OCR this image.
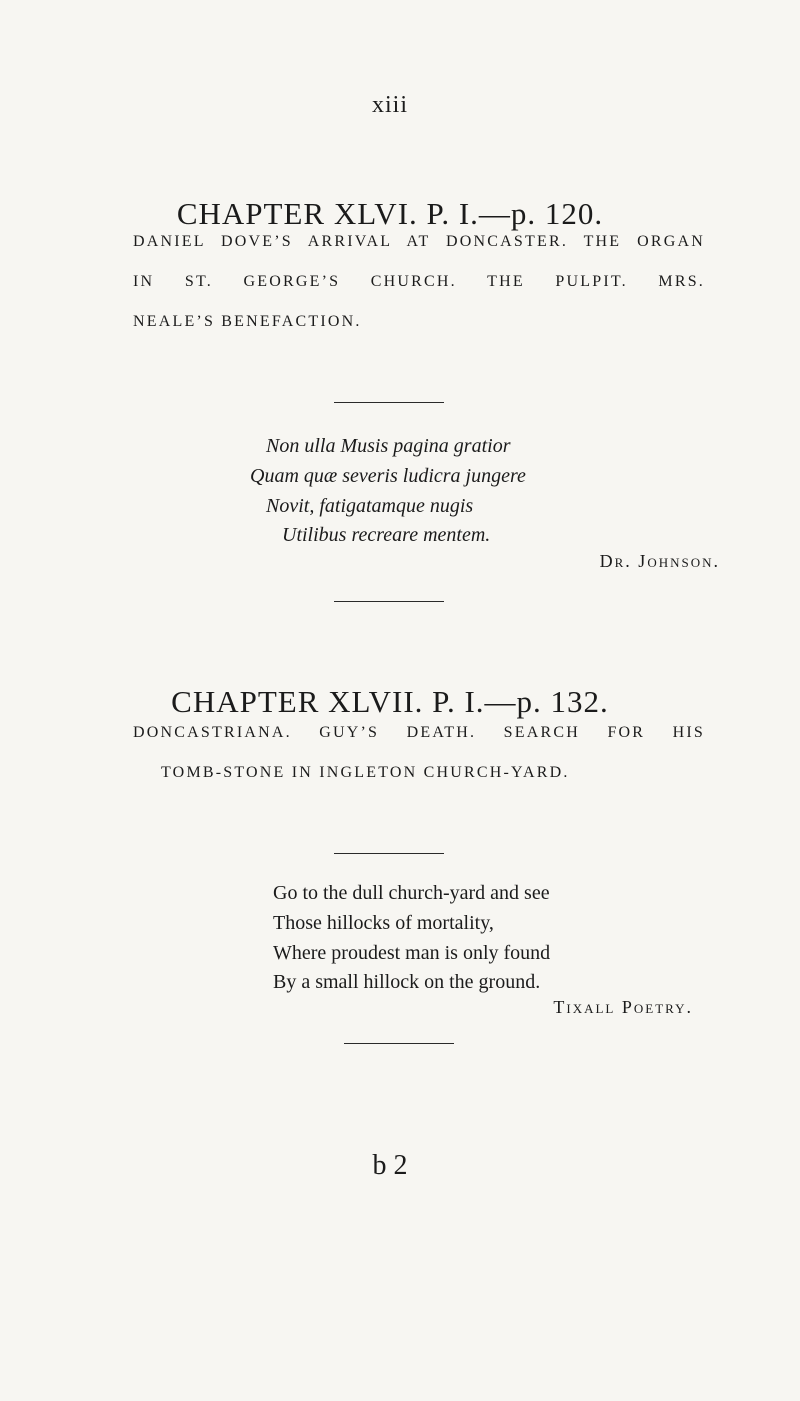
xiii
CHAPTER XLVI. P. I.—p. 120.
DANIEL DOVE’S ARRIVAL AT DONCASTER. THE ORGAN
IN ST. GEORGE’S CHURCH. THE PULPIT. MRS.
NEALE’S BENEFACTION.
Non ulla Musis pagina gratior
Quam quæ severis ludicra jungere
Novit, fatigatamque nugis
Utilibus recreare mentem.
Dr. Johnson.
CHAPTER XLVII. P. I.—p. 132.
DONCASTRIANA. GUY’S DEATH. SEARCH FOR HIS
TOMB-STONE IN INGLETON CHURCH-YARD.
Go to the dull church-yard and see
Those hillocks of mortality,
Where proudest man is only found
By a small hillock on the ground.
Tixall Poetry.
b 2
